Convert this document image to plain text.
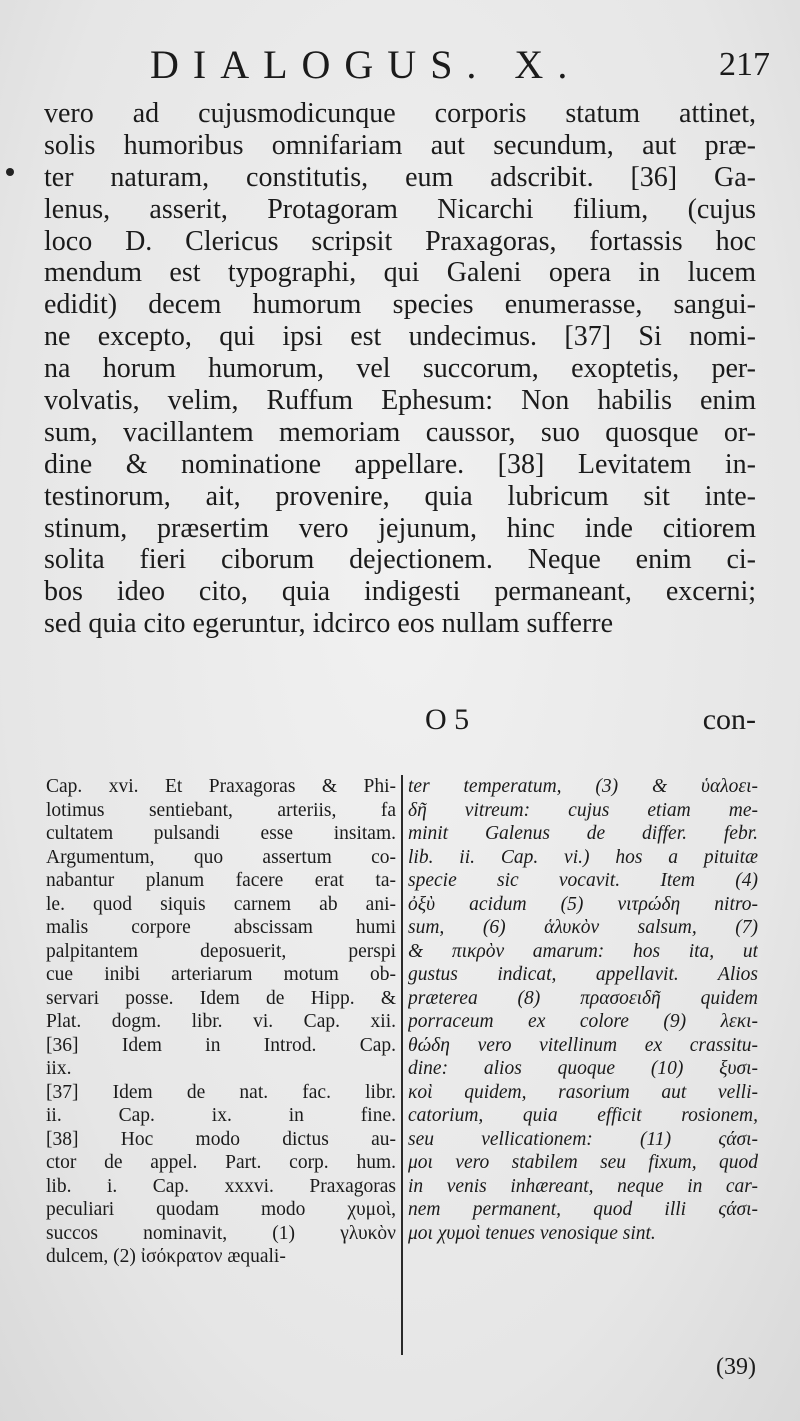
DIALOGUS. X.	217
vero ad cujusmodicunque corporis statum attinet,
solis humoribus omnifariam aut secundum, aut præ-
ter naturam, constitutis, eum adscribit. [36] Ga-
lenus, asserit, Protagoram Nicarchi filium, (cujus
loco D. Clericus scripsit Praxagoras, fortassis hoc
mendum est typographi, qui Galeni opera in lucem
edidit) decem humorum species enumerasse, sangui-
ne excepto, qui ipsi est undecimus. [37] Si nomi-
na horum humorum, vel succorum, exoptetis, per-
volvatis, velim, Ruffum Ephesum: Non habilis enim
sum, vacillantem memoriam caussor, suo quosque or-
dine & nominatione appellare. [38] Levitatem in-
testinorum, ait, provenire, quia lubricum sit inte-
stinum, præsertim vero jejunum, hinc inde citiorem
solita fieri ciborum dejectionem. Neque enim ci-
bos ideo cito, quia indigesti permaneant, excerni;
sed quia cito egeruntur, idcirco eos nullam sufferre
O 5	con-
Cap. xvi. Et Praxagoras & Phi-
lotimus sentiebant, arteriis, fa
cultatem pulsandi esse insitam.
Argumentum, quo assertum co-
nabantur planum facere erat ta-
le. quod siquis carnem ab ani-
malis corpore abscissam humi
palpitantem deposuerit, perspi
cue inibi arteriarum motum ob-
servari posse. Idem de Hipp. &
Plat. dogm. libr. vi. Cap. xii.
[36] Idem in Introd. Cap.
iix.
[37] Idem de nat. fac. libr.
ii. Cap. ix. in fine.
[38] Hoc modo dictus au-
ctor de appel. Part. corp. hum.
lib. i. Cap. xxxvi. Praxagoras
peculiari quodam modo χυμοὶ,
succos nominavit, (1) γλυκὸν
dulcem, (2) ἰσόκρατον æquali-
ter temperatum, (3) & ὑαλοει-
δῆ vitreum: cujus etiam me-
minit Galenus de differ. febr.
lib. ii. Cap. vi.) hos a pituitæ
specie sic vocavit. Item (4)
ὀξὺ acidum (5) νιτρώδη nitro-
sum, (6) ἁλυκὸν salsum, (7)
& πικρὸν amarum: hos ita, ut
gustus indicat, appellavit. Alios
præterea (8) πρασοειδῆ quidem
porraceum ex colore (9) λεκι-
θώδη vero vitellinum ex crassitu-
dine: alios quoque (10) ξυσι-
κοὶ quidem, rasorium aut velli-
catorium, quia efficit rosionem,
seu vellicationem: (11) ςάσι-
μοι vero stabilem seu fixum, quod
in venis inhæreant, neque in car-
nem permanent, quod illi ςάσι-
μοι χυμοὶ tenues venosique sint.
(39)
